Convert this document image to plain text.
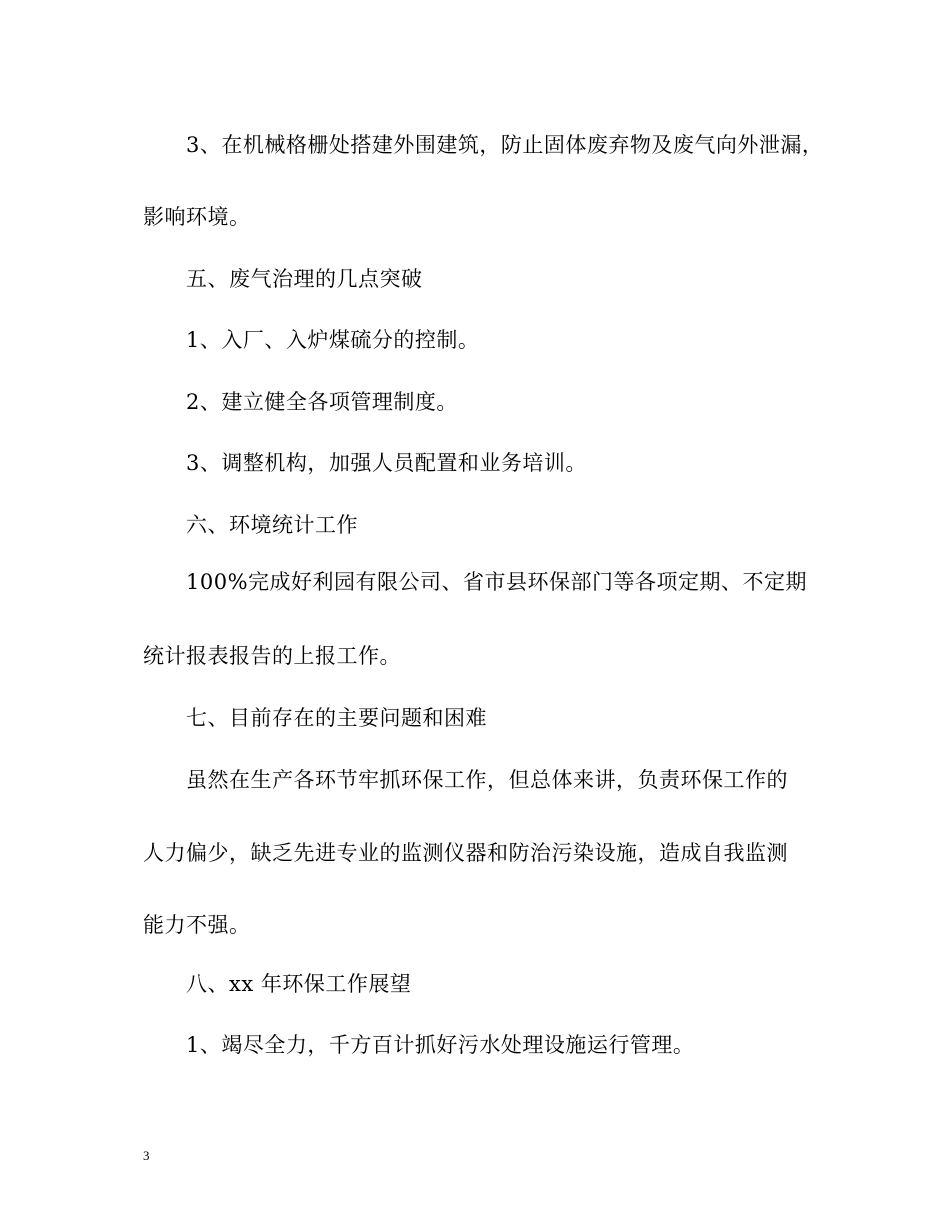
3、在机械格栅处搭建外围建筑，防止固体废弃物及废气向外泄漏，

影响环境。

五、废气治理的几点突破

1、入厂、入炉煤硫分的控制。

2、建立健全各项管理制度。

3、调整机构，加强人员配置和业务培训。

六、环境统计工作

100%完成好利园有限公司、省市县环保部门等各项定期、不定期

统计报表报告的上报工作。

七、目前存在的主要问题和困难

虽然在生产各环节牢抓环保工作，但总体来讲，负责环保工作的

人力偏少，缺乏先进专业的监测仪器和防治污染设施，造成自我监测

能力不强。

八、xx 年环保工作展望

1、竭尽全力，千方百计抓好污水处理设施运行管理。

3
